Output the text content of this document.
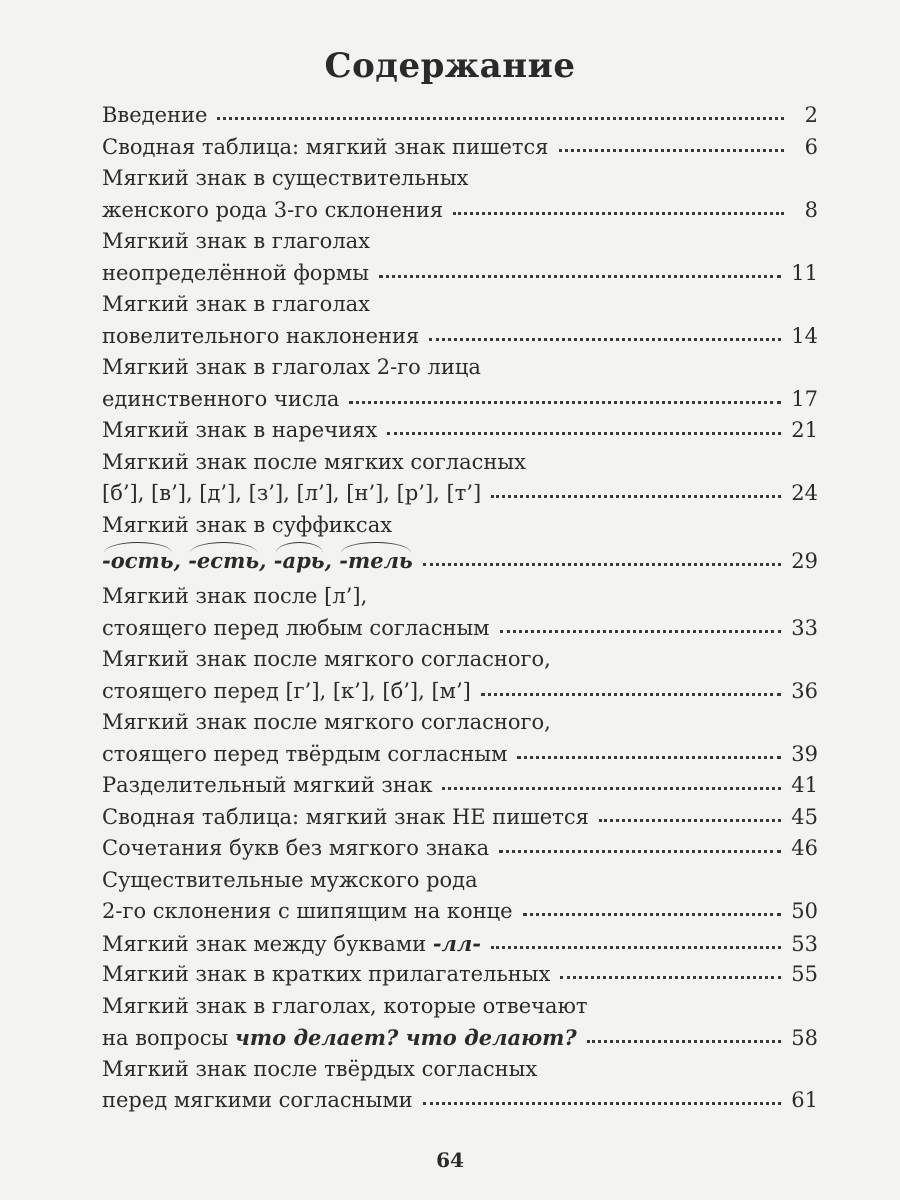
Содержание
Введение	2
Сводная таблица: мягкий знак пишется	6
Мягкий знак в существительных
женского рода 3-го склонения	8
Мягкий знак в глаголах
неопределённой формы	11
Мягкий знак в глаголах
повелительного наклонения	14
Мягкий знак в глаголах 2-го лица
единственного числа	17
Мягкий знак в наречиях	21
Мягкий знак после мягких согласных
[б’], [в’], [д’], [з’], [л’], [н’], [р’], [т’]	24
Мягкий знак в суффиксах
-ость, -есть, -арь, -тель	29
Мягкий знак после [л’],
стоящего перед любым согласным	33
Мягкий знак после мягкого согласного,
стоящего перед [г’], [к’], [б’], [м’]	36
Мягкий знак после мягкого согласного,
стоящего перед твёрдым согласным	39
Разделительный мягкий знак	41
Сводная таблица: мягкий знак НЕ пишется	45
Сочетания букв без мягкого знака	46
Существительные мужского рода
2-го склонения с шипящим на конце	50
Мягкий знак между буквами -лл-	53
Мягкий знак в кратких прилагательных	55
Мягкий знак в глаголах, которые отвечают
на вопросы что делает? что делают?	58
Мягкий знак после твёрдых согласных
перед мягкими согласными	61
64
